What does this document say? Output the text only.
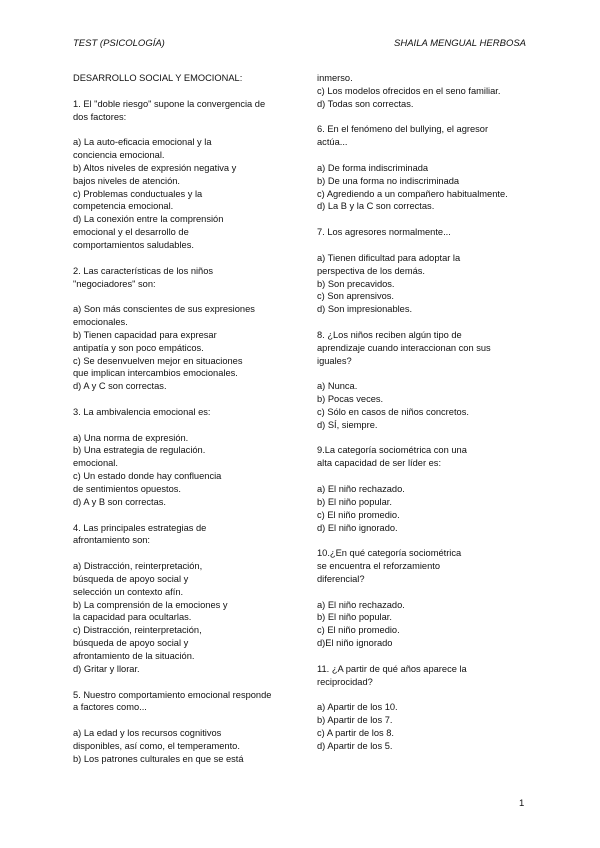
TEST (PSICOLOGÍA)	SHAILA MENGUAL HERBOSA
DESARROLLO SOCIAL Y EMOCIONAL:
1. El "doble riesgo" supone la convergencia de
dos factores:
a) La auto-eficacia emocional y la
conciencia emocional.
b) Altos niveles de expresión negativa y
bajos niveles de atención.
c) Problemas conductuales y la
competencia emocional.
d) La conexión entre la comprensión
emocional y el desarrollo de
comportamientos saludables.
2. Las características de los niños
"negociadores" son:
a) Son más conscientes de sus expresiones
emocionales.
b) Tienen capacidad para expresar
antipatía y son poco empáticos.
c) Se desenvuelven mejor en situaciones
que implican intercambios emocionales.
d) A y C son correctas.
3. La ambivalencia emocional es:
a) Una norma de expresión.
b) Una estrategia de regulación.
emocional.
c) Un estado donde hay confluencia
de sentimientos opuestos.
d) A y B son correctas.
4. Las principales estrategias de
afrontamiento son:
a) Distracción, reinterpretación,
búsqueda de apoyo social y
selección un contexto afín.
b) La comprensión de la emociones y
la capacidad para ocultarlas.
c) Distracción, reinterpretación,
búsqueda de apoyo social y
afrontamiento de la situación.
d) Gritar y llorar.
5. Nuestro comportamiento emocional responde
a factores como...
a) La edad y los recursos cognitivos
disponibles, así como, el temperamento.
b) Los patrones culturales en que se está
inmerso.
c) Los modelos ofrecidos en el seno familiar.
d) Todas son correctas.
6. En el fenómeno del bullying, el agresor
actúa...
a) De forma indiscriminada
b) De una forma no indiscriminada
c) Agrediendo a un compañero habitualmente.
d) La B y la C son correctas.
7. Los agresores normalmente...
a) Tienen dificultad para adoptar la
perspectiva de los demás.
b) Son precavidos.
c) Son aprensivos.
d) Son impresionables.
8. ¿Los niños reciben algún tipo de
aprendizaje cuando interaccionan con sus
iguales?
a) Nunca.
b) Pocas veces.
c) Sólo en casos de niños concretos.
d) SÍ, siempre.
9.La categoría sociométrica con una
alta capacidad de ser líder es:
a) El niño rechazado.
b) El niño popular.
c) El niño promedio.
d) El niño ignorado.
10.¿En qué categoría sociométrica
se encuentra el reforzamiento
diferencial?
a) El niño rechazado.
b) El niño popular.
c) El niño promedio.
d)El niño ignorado
11. ¿A partir de qué años aparece la
reciprocidad?
a) Apartir de los 10.
b) Apartir de los 7.
c) A partir de los 8.
d) Apartir de los 5.
1
